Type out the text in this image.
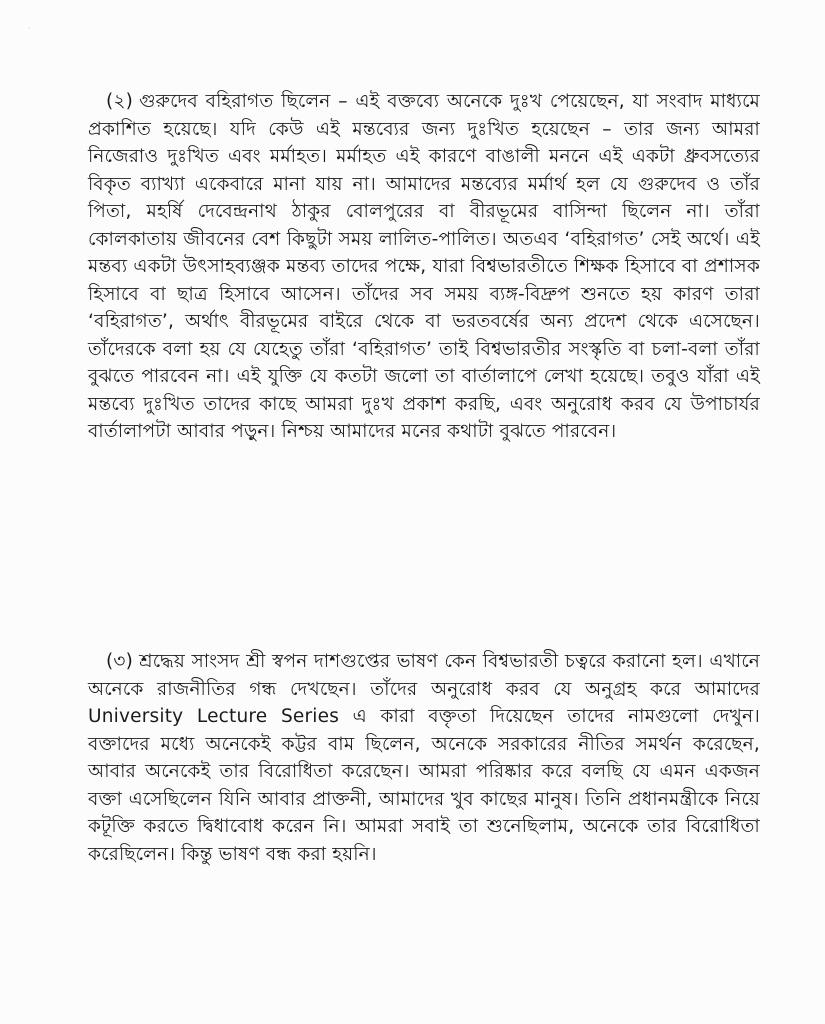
·

(২) গুরুদেব বহিরাগত ছিলেন – এই বক্তব্যে অনেকে দুঃখ পেয়েছেন, যা সংবাদ মাধ্যমে প্রকাশিত হয়েছে। যদি কেউ এই মন্তব্যের জন্য দুঃখিত হয়েছেন – তার জন্য আমরা নিজেরাও দুঃখিত এবং মর্মাহত। মর্মাহত এই কারণে বাঙালী মননে এই একটা ধ্রুবসত্যের বিকৃত ব্যাখ্যা একেবারে মানা যায় না। আমাদের মন্তব্যের মর্মার্থ হল যে গুরুদেব ও তাঁর পিতা, মহর্ষি দেবেন্দ্রনাথ ঠাকুর বোলপুরের বা বীরভূমের বাসিন্দা ছিলেন না। তাঁরা কোলকাতায় জীবনের বেশ কিছুটা সময় লালিত-পালিত। অতএব ‘বহিরাগত’ সেই অর্থে। এই মন্তব্য একটা উৎসাহব্যঞ্জক মন্তব্য তাদের পক্ষে, যারা বিশ্বভারতীতে শিক্ষক হিসাবে বা প্রশাসক হিসাবে বা ছাত্র হিসাবে আসেন। তাঁদের সব সময় ব্যঙ্গ-বিদ্রুপ শুনতে হয় কারণ তারা ‘বহিরাগত’, অর্থাৎ বীরভূমের বাইরে থেকে বা ভরতবর্ষের অন্য প্রদেশ থেকে এসেছেন। তাঁদেরকে বলা হয় যে যেহেতু তাঁরা ‘বহিরাগত’ তাই বিশ্বভারতীর সংস্কৃতি বা চলা-বলা তাঁরা বুঝতে পারবেন না। এই যুক্তি যে কতটা জলো তা বার্তালাপে লেখা হয়েছে। তবুও যাঁরা এই মন্তব্যে দুঃখিত তাদের কাছে আমরা দুঃখ প্রকাশ করছি, এবং অনুরোধ করব যে উপাচার্যর বার্তালাপটা আবার পড়ুন। নিশ্চয় আমাদের মনের কথাটা বুঝতে পারবেন।

(৩) শ্রদ্ধেয় সাংসদ শ্রী স্বপন দাশগুপ্তের ভাষণ কেন বিশ্বভারতী চত্বরে করানো হল। এখানে অনেকে রাজনীতির গন্ধ দেখছেন। তাঁদের অনুরোধ করব যে অনুগ্রহ করে আমাদের University Lecture Series এ কারা বক্তৃতা দিয়েছেন তাদের নামগুলো দেখুন। বক্তাদের মধ্যে অনেকেই কট্টর বাম ছিলেন, অনেকে সরকারের নীতির সমর্থন করেছেন, আবার অনেকেই তার বিরোধিতা করেছেন। আমরা পরিষ্কার করে বলছি যে এমন একজন বক্তা এসেছিলেন যিনি আবার প্রাক্তনী, আমাদের খুব কাছের মানুষ। তিনি প্রধানমন্ত্রীকে নিয়ে কটূক্তি করতে দ্বিধাবোধ করেন নি। আমরা সবাই তা শুনেছিলাম, অনেকে তার বিরোধিতা করেছিলেন। কিন্তু ভাষণ বন্ধ করা হয়নি।
